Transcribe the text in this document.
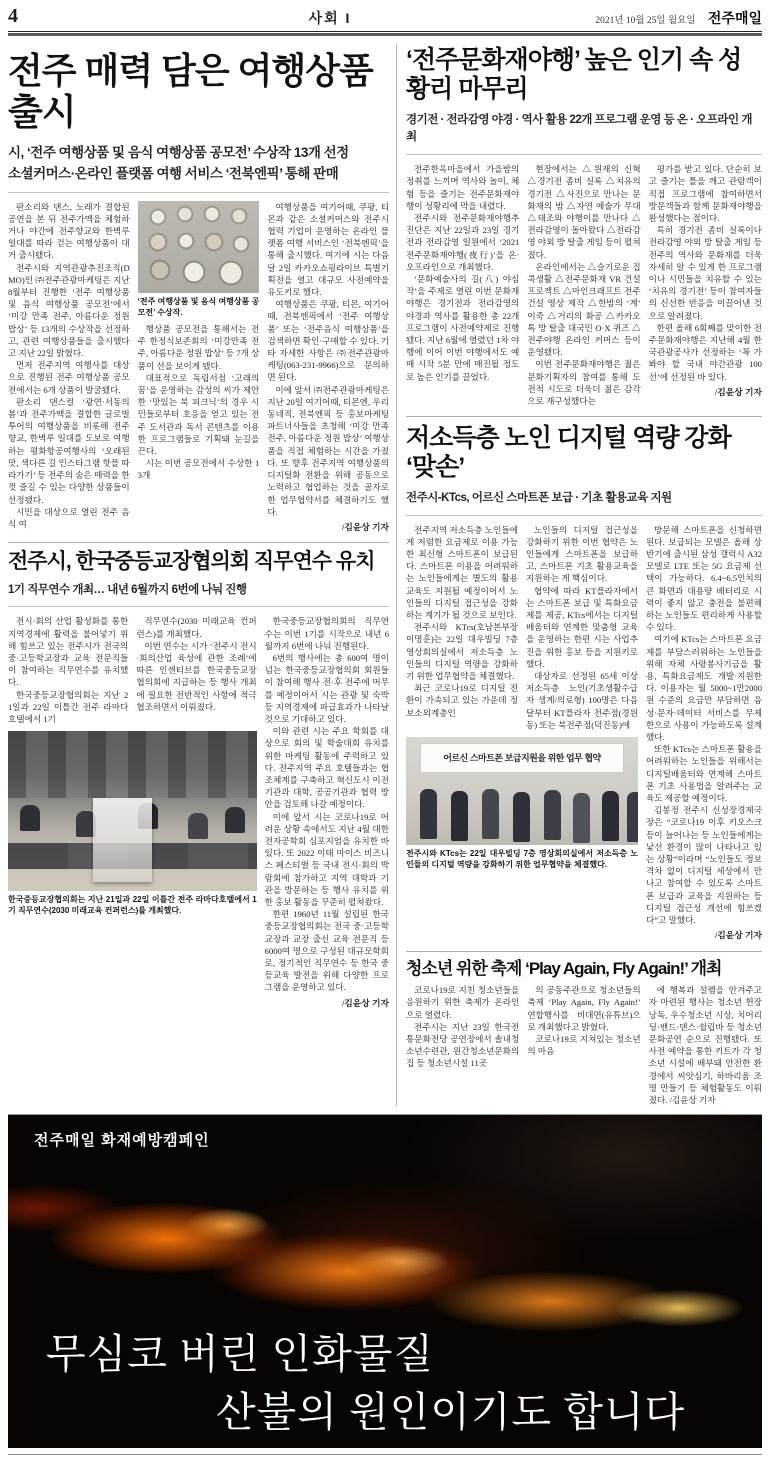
4	사회 I	2021년 10월 25일 월요일 전주매일
전주 매력 담은 여행상품 출시
시, ‘전주 여행상품 및 음식 여행상품 공모전’ 수상작 13개 선정
소셜커머스·온라인 플랫폼 여행 서비스 ‘전북엔픽’ 통해 판매

판소리와 댄스, 노래가 결합된 공연을 본 뒤 전주가맥을 체험하거나 야간에 전주향교와 한벽루 일대를 따라 걷는 여행상품이 대거 출시됐다.

전주시와 지역관광추진조직(DMO)인 ㈜전주관광마케팅은 지난 8월부터 진행한 ‘전주 여행상품 및 음식 여행상품 공모전’에서 ‘미강 만족 전주, 아름다운 정원 밥상’ 등 13개의 수상작을 선정하고, 관련 여행상품들을 출시했다고 지난 22일 밝혔다.

먼저 전주지역 여행사를 대상으로 진행된 전주 여행상품 공모전에서는 6개 상품이 발굴됐다.

판소리 댄스컬 ‘광연·서동의 봄’과 전주가맥을 결합한 글로벌투어의 여행상품을 비롯해 전주향교, 한벽루 일대를 도보로 여행하는 평화항공여행사의 ‘오래된 맛, 색다른 길 인스타그램 핫플 따라가기’ 등 전주의 숨은 매력을 한껏 즐길 수 있는 다양한 상품들이 선정됐다.

시민을 대상으로 열린 전주 음식 여

‘전주 여행상품 및 음식 여행상품 공모전’ 수상작.

행상품 공모전을 통해서는 전주 한정식보존회의 ‘미강만족 전주, 아름다운 정원 밥상’ 등 7개 상품이 선을 보이게 됐다.

대표적으로 독립서점 ‘고래의 꿈’을 운영하는 감성의 씨가 제안한 ‘맛있는 북 피크닉’의 경우 시민들로부터 호응을 얻고 있는 전주 도서관과 독서 콘텐츠를 이용한 프로그램들로 기획돼 눈길을 끈다.

시는 이번 공모전에서 수상한 13개

여행상품을 여기어때, 쿠팡, 티몬과 같은 소셜커머스와 전주시 협력 기업이 운영하는 온라인 플랫폼 여행 서비스인 ‘전북엔픽’을 통해 출시했다. 여기에 시는 다음 달 2일 카카오쇼핑라이브 특별기획전을 열고 대규모 사전예약을 유도키로 했다.

여행상품은 쿠팡, 티몬, 여기어때, 전북엔픽에서 ‘전주 여행상품’ 또는 ‘전주음식 여행상품’을 검색하면 확인·구매할 수 있다. 기타 자세한 사항은 ㈜전주관광마케팅(063-231-9966)으로 문의하면 된다.

이에 앞서 ㈜전주관광마케팅은 지난 20일 여기어때, 티몬엔, 우리동네직, 전북엔픽 등 홍보마케팅 파트너사들을 초청해 ‘미강 만족 전주, 아름다운 정원 밥상’ 여행상품을 직접 체험하는 시간을 가졌다. 또 향후 전주지역 여행상품의 디지털화 전환을 위해 공동으로 노력하고 협업하는 것을 골자로 한 업무협약서를 체결하기도 했다.

/김윤상 기자
전주시, 한국중등교장협의회 직무연수 유치
1기 직무연수 개최… 내년 6월까지 6번에 나눠 진행

전시·회의 산업 활성화를 통한 지역경제에 활력을 불어넣기 위해 힘쓰고 있는 전주시가 전국의 중·고등학교장과 교육 전문직들이 참여하는 직무연수를 유치했다.

한국중등교장협의회는 지난 21일과 22일 이틀간 전주 라마다호텔에서 1기

직무연수(2030 미래교육 컨퍼런스)를 개최했다.

이번 연수는 시가 ‘전주시 전시·회의산업 육성에 관한 조례’에 따른 인센티브를 한국중등교장협의회에 지급하는 등 행사 개최에 필요한 전반적인 사항에 적극 협조하면서 이뤄졌다.

한국중등교장협의회는 지난 21일과 22일 이틀간 전주 라마다호텔에서 1기 직무연수(2030 미래교육 컨퍼런스)를 개최했다.

한국중등교장협의회의 직무연수는 이번 1기를 시작으로 내년 6월까지 6번에 나눠 진행된다.

6번의 행사에는 총 600여 명이 넘는 한국중등교장협의회 회원들이 참여해 행사 전·후 전주에 머무를 예정이어서 시는 관광 및 숙박 등 지역경제에 파급효과가 나타날 것으로 기대하고 있다.

이와 관련 시는 주요 학회를 대상으로 회의 및 학술대회 유치를 위한 마케팅 활동에 주력하고 있다. 전주지역 주요 호텔들과는 협조체계를 구축하고 혁신도시 이전기관과 대학, 공공기관과 협력 방안을 검토해 나갈 예정이다.

이에 앞서 시는 코로나19로 어려운 상황 속에서도 지난 4월 대한전자공학회 심포지엄을 유치한 바 있다. 또 2022 이태 마이스 비즈니스 페스티벌 등 국내 전시·회의 박람회에 참가하고 지역 대학과 기관을 방문하는 등 행사 유치를 위한 홍보 활동을 꾸준히 펼쳐왔다.

한편 1960년 11월 설립된 한국중등교장협의회는 전국 중·고등학교장과 교장 출신 교육 전문직 등 6000여 명으로 구성된 대규모학회로, 정기적인 직무연수 등 한국 중등교육 발전을 위해 다양한 프로그램을 운영하고 있다.

/김윤상 기자
‘전주문화재야행’ 높은 인기 속 성황리 마무리
경기전 · 전라감영 야경 · 역사 활용 22개 프로그램 운영 등 온 · 오프라인 개최

전주한옥마을에서 가을밤의 정취를 느끼며 역사와 놀이, 체험 등을 즐기는 전주문화재야행이 성황리에 막을 내렸다.

전주시와 전주문화재야행추진단은 지난 22일과 23일 경기전과 전라감영 일원에서 ‘2021 전주문화재야행(夜行)’을 온·오프라인으로 개최했다.

‘문화예술사의 길(八) 야심작’을 주제로 열린 이번 문화재야행은 경기전과 전라감영의 야경과 역사를 활용한 총 22개 프로그램이 사전예약제로 진행됐다. 지난 6월에 열렸던 1차 야행에 이어 이번 야행에서도 예매 시작 5분 만에 매진될 정도로 높은 인기를 끌었다.

현장에서는 △원재의 신혁 △경기전 좀비 실록 △치유의 경기전 △사진으로 만나는 문화재의 밤 △자연 예술가 무대 △태조와 야행이를 만나다 △전라감영이 돌아왔다 △전라감영 야외 방 탈출 게임 등이 펼쳐졌다.

온라인에서는 △슬기로운 집콕생활 △전주문화재 VR 건설 프로젝트 △마인크래프트 전주 건설 영상 제작 △한밤의 ‘계’ 이죽 △거리의 화공 △카카오톡 방 탈출 대국민 O·X 퀴즈 △전주야행 온라인 커머스 등이 운영됐다.

이번 전주문화재야행은 젊은 문화기획자의 참여를 통해 도전적 시도로 더욱더 젊은 감각으로 재구성했다는

평가를 받고 있다. 단순히 보고 즐기는 틀을 깨고 관람객이 직접 프로그램에 참여하면서 방문객들과 함께 문화재야행을 완성했다는 점이다.

특히 경기전 좀비 실록이나 전라감영 야외 방 탈출 게임 등 전주의 역사와 문화재를 더욱 자세히 알 수 있게 한 프로그램이나 시민들을 치유할 수 있는 ‘치유의 경기전’ 등이 참여자들의 신선한 반응을 이끌어낸 것으로 알려졌다.

한편 올해 6회째를 맞이한 전주문화재야행은 지난해 4월 한국관광공사가 선정하는 ‘꼭 가봐야 할 국내 야간관광 100선’에 선정된 바 있다.

/김윤상 기자
저소득층 노인 디지털 역량 강화 ‘맞손’
전주시-KTcs, 어르신 스마트폰 보급 · 기초 활용교육 지원

전주지역 저소득층 노인들에게 저렴한 요금제로 이용 가능한 최신형 스마트폰이 보급된다. 스마트폰 이용을 어려워하는 노인들에게는 별도의 활용교육도 지원될 예정이어서 노인들의 디지털 접근성을 강화하는 계기가 될 것으로 보인다.

전주시와 KTcs(호남본부장 이명훈)는 22일 대우빌딩 7층 영상회의실에서 저소득층 노인들의 디지털 역량을 강화하기 위한 업무협약을 체결했다.

최근 코로나19로 디지털 전환이 가속되고 있는 가운데 정보소외계층인

노인들의 디지털 접근성을 강화하기 위한 이번 협약은 노인들에게 스마트폰을 보급하고, 스마트폰 기초 활용교육을 지원하는 게 핵심이다.

협약에 따라 KT플라자에서는 스마트폰 보급 및 특화요금제를 제공, KTcs에서는 디지털배움터와 연계한 맞춤형 교육을 운영하는 한편 시는 사업추진을 위한 홍보 등을 지원키로 했다.

대상자로 선정된 65세 이상 저소득층 노인(기초생활수급자 생계/의료형) 100명은 다음 달부터 KT플라자 전주점(경원동) 또는 북전주점(덕진동)에

어르신 스마트폰 보급지원을 위한 업무 협약
전주시와 KTcs는 22일 대우빌딩 7층 영상회의실에서 저소득층 노인들의 디지털 역량을 강화하기 위한 업무협약을 체결했다.

방문해 스마트폰을 신청하면 된다. 보급되는 모델은 올해 상반기에 출시된 삼성 갤럭시 A32모델로 LTE 또는 5G 요금제 선택이 가능하다. 6.4~6.5인치의 큰 화면과 대용량 배터리로 시력이 좋지 않고 충전을 불편해 하는 노인들도 편리하게 사용할 수 있다.

여기에 KTcs는 스마트폰 요금제를 부담스러워하는 노인들을 위해 자체 사랑봉사기금을 활용, 특화요금제도 개발·지원한다. 이용자는 월 5000~1만2000원 수준의 요금만 부담하면 음성·문자·데이터 서비스를 무제한으로 사용이 가능하도록 설계했다.

또한 KTcs는 스마트폰 활용을 어려워하는 노인들을 위해서는 디지털배움터와 연계해 스마트폰 기초 사용법을 알려주는 교육도 제공할 예정이다.

김봉정 전주시 신성장경제국장은 “코로나19 이후 키오스크 등이 늘어나는 등 노인들에게는 낯선 환경이 많이 나타나고 있는 상황”이라며 “노인들도 정보격차 없이 디지털 세상에서 만나고 참여할 수 있도록 스마트폰 보급과 교육을 지원하는 등 디지털 접근성 개선에 힘쓰겠다”고 말했다.

/김윤상 기자
청소년 위한 축제 ‘Play Again, Fly Again!’ 개최

코로나19로 지친 청소년들을 응원하기 위한 축제가 온라인으로 열렸다.

전주시는 지난 23일 한국전통문화전당 공연장에서 솔내청소년수련관, 원간청소년문화의집 등 청소년시설 11곳

의 공동주관으로 청소년들의 축제 ‘Play Again, Fly Again!’ 연합행사를 비대면(유튜브)으로 개최했다고 밝혔다.

코로나19로 지쳐있는 청소년의 마음

에 행복과 설렘을 안겨주고자 마련된 행사는 청소년 헌장 낭독, 우수청소년 시상, 치어리딩·밴드·댄스·쉴립바 등 청소년 문화공연 순으로 진행됐다. 또 사전 예약을 통한 키트가 각 청소년 시설에 배부돼 안전한 환경에서 씨앗심기, 하바리움 조명 만들기 등 체험활동도 이뤄졌다. /김윤상 기자

전주매일 화재예방캠페인
무심코 버린 인화물질
산불의 원인이기도 합니다
